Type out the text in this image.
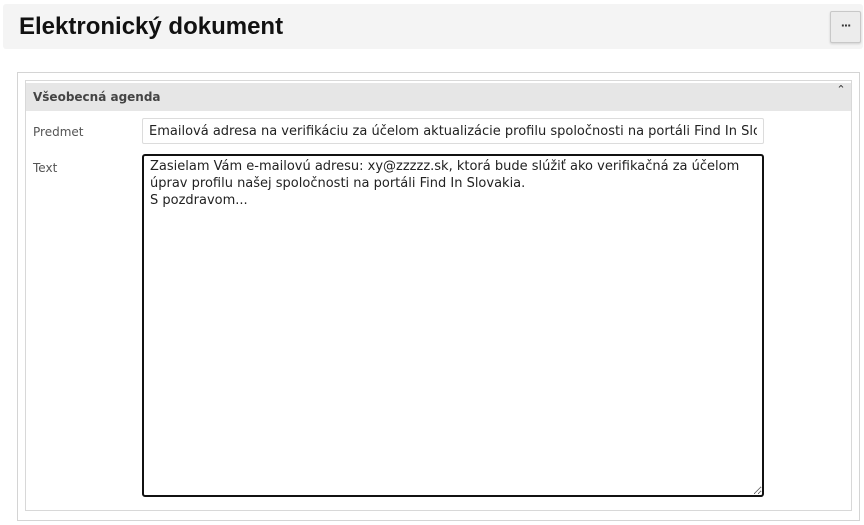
Elektronický dokument	···
Všeobecná agenda
⌃
Predmet
Emailová adresa na verifikáciu za účelom aktualizácie profilu spoločnosti na portáli Find In Slovakia
Text
Zasielam Vám e-mailovú adresu: xy@zzzzz.sk, ktorá bude slúžiť ako verifikačná za účelom úprav profilu našej spoločnosti na portáli Find In Slovakia. S pozdravom...
